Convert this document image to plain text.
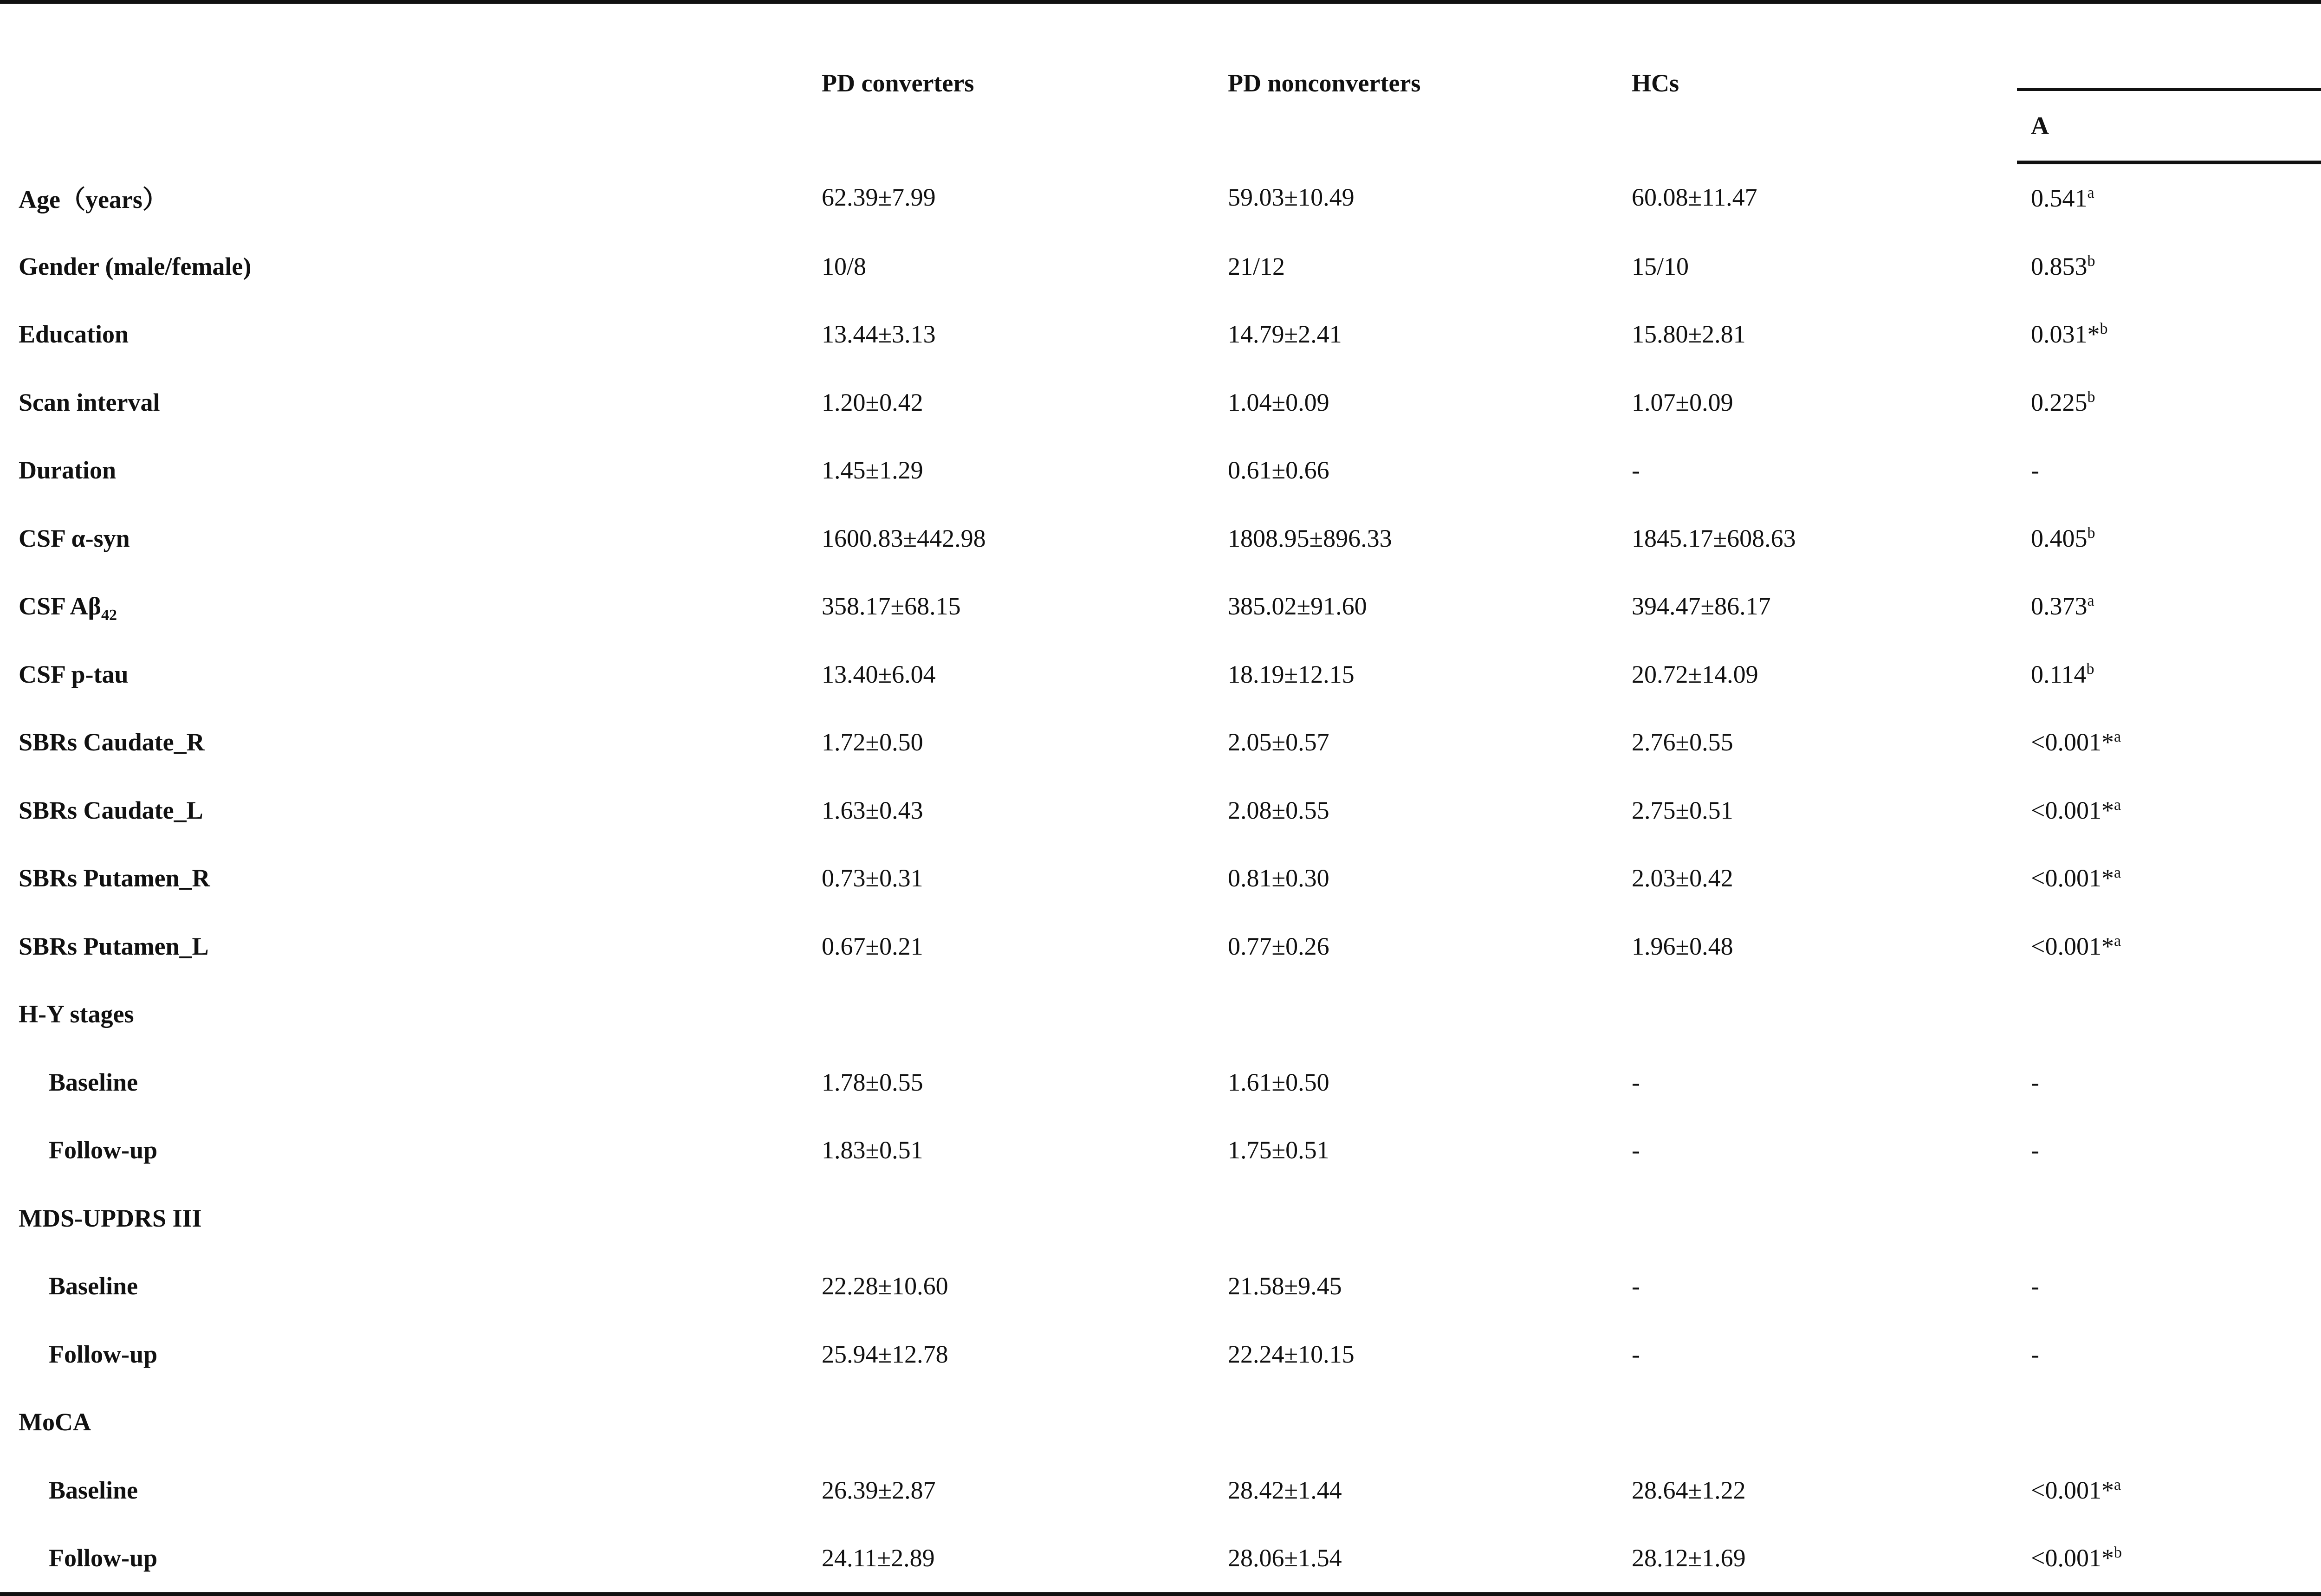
	PD converters	PD nonconverters	HCs	
				A			
Age（years）	62.39±7.99	59.03±10.49	60.08±11.47	0.541$^a$			
Gender (male/female)	10/8	21/12	15/10	0.853$^b$			
Education	13.44±3.13	14.79±2.41	15.80±2.81	0.031*$^b$			
Scan interval	1.20±0.42	1.04±0.09	1.07±0.09	0.225$^b$			
Duration	1.45±1.29	0.61±0.66	-	-			
CSF α-syn	1600.83±442.98	1808.95±896.33	1845.17±608.63	0.405$^b$			
CSF $A\beta_{42}$	358.17±68.15	385.02±91.60	394.47±86.17	0.373$^a$			
CSF p-tau	13.40±6.04	18.19±12.15	20.72±14.09	0.114$^b$			
SBRs Caudate_R	1.72±0.50	2.05±0.57	2.76±0.55	<0.001*$^a$			
SBRs Caudate_L	1.63±0.43	2.08±0.55	2.75±0.51	<0.001*$^a$			
SBRs Putamen_R	0.73±0.31	0.81±0.30	2.03±0.42	<0.001*$^a$			
SBRs Putamen_L	0.67±0.21	0.77±0.26	1.96±0.48	<0.001*$^a$			
H-Y stages							
Baseline	1.78±0.55	1.61±0.50	-	-			
Follow-up	1.83±0.51	1.75±0.51	-	-			
MDS-UPDRS III							
Baseline	22.28±10.60	21.58±9.45	-	-			
Follow-up	25.94±12.78	22.24±10.15	-	-			
MoCA							
Baseline	26.39±2.87	28.42±1.44	28.64±1.22	<0.001*$^a$			
Follow-up	24.11±2.89	28.06±1.54	28.12±1.69	<0.001*$^b$			
